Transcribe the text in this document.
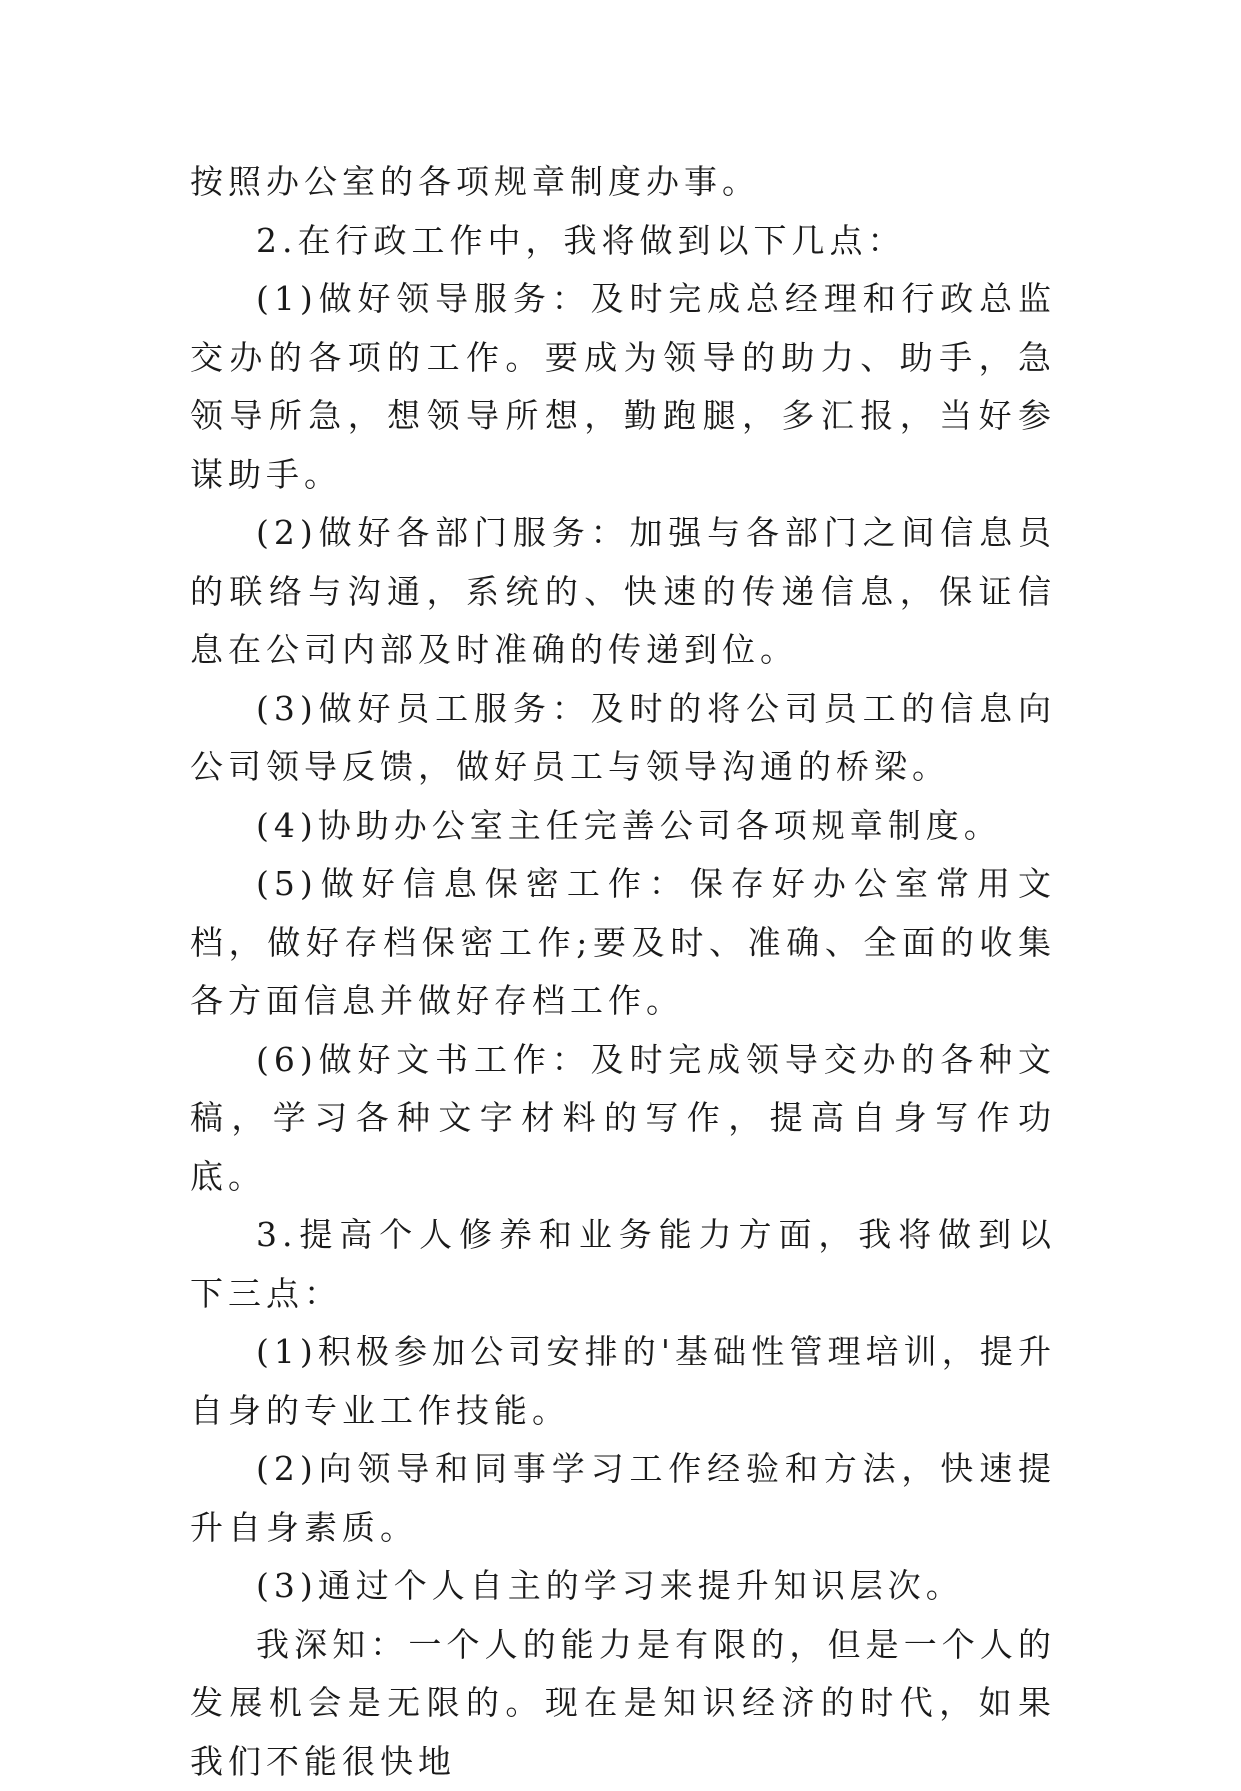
按照办公室的各项规章制度办事。

2.在行政工作中，我将做到以下几点：

(1)做好领导服务：及时完成总经理和行政总监交办的各项的工作。要成为领导的助力、助手，急领导所急，想领导所想，勤跑腿，多汇报，当好参谋助手。

(2)做好各部门服务：加强与各部门之间信息员的联络与沟通，系统的、快速的传递信息，保证信息在公司内部及时准确的传递到位。

(3)做好员工服务：及时的将公司员工的信息向公司领导反馈，做好员工与领导沟通的桥梁。

(4)协助办公室主任完善公司各项规章制度。

(5)做好信息保密工作：保存好办公室常用文档，做好存档保密工作;要及时、准确、全面的收集各方面信息并做好存档工作。

(6)做好文书工作：及时完成领导交办的各种文稿，学习各种文字材料的写作，提高自身写作功底。

3.提高个人修养和业务能力方面，我将做到以下三点：

(1)积极参加公司安排的'基础性管理培训，提升自身的专业工作技能。

(2)向领导和同事学习工作经验和方法，快速提升自身素质。

(3)通过个人自主的学习来提升知识层次。

我深知：一个人的能力是有限的，但是一个人的发展机会是无限的。现在是知识经济的时代，如果我们不能很快地
